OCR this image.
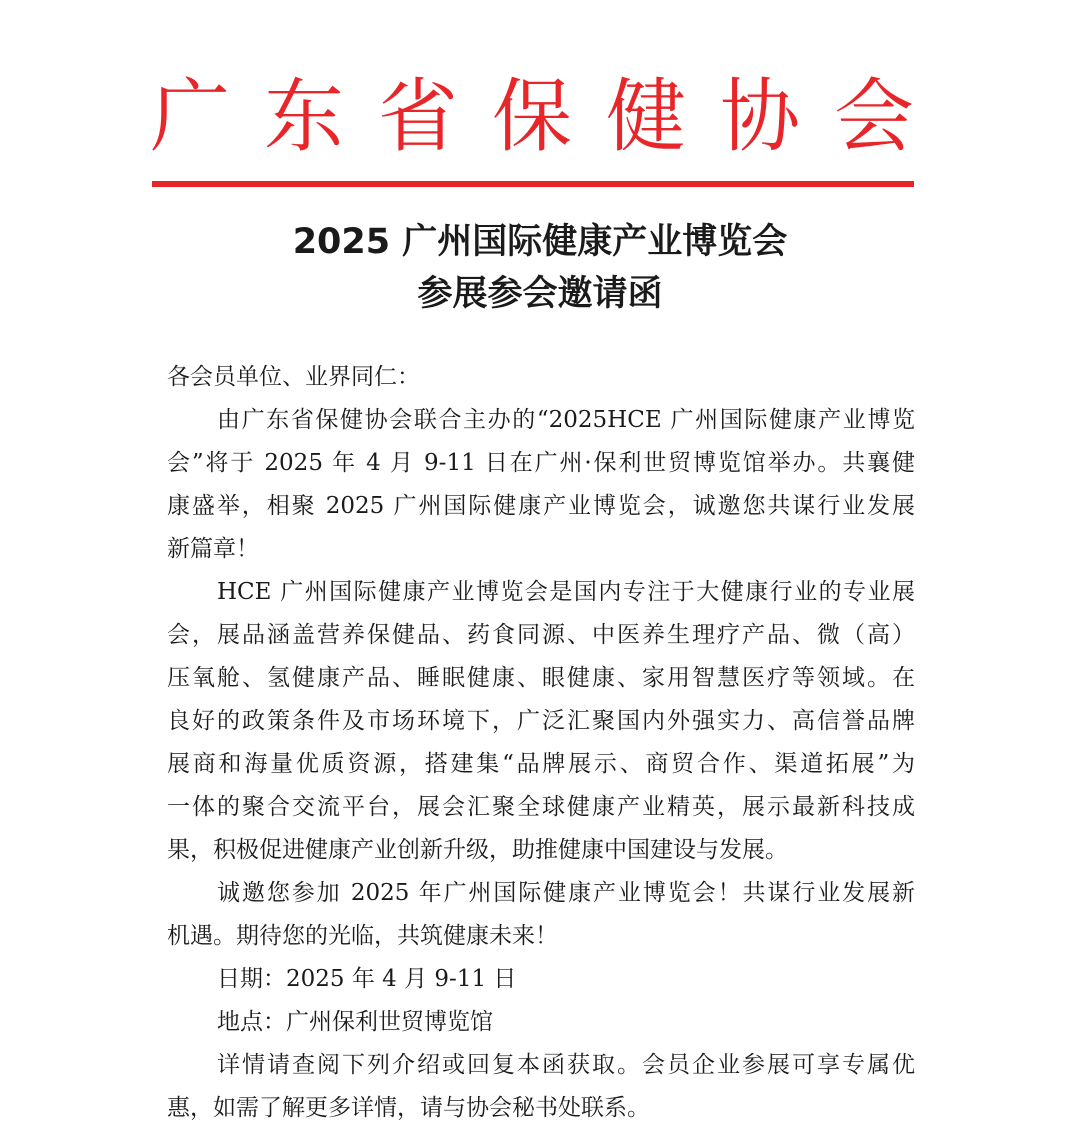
广 东 省 保 健 协 会
2025 广州国际健康产业博览会
参展参会邀请函
各会员单位、业界同仁：
由广东省保健协会联合主办的“2025HCE 广州国际健康产业博览
会”将于 2025 年 4 月 9-11 日在广州·保利世贸博览馆举办。共襄健
康盛举，相聚 2025 广州国际健康产业博览会，诚邀您共谋行业发展
新篇章！
HCE 广州国际健康产业博览会是国内专注于大健康行业的专业展
会，展品涵盖营养保健品、药食同源、中医养生理疗产品、微（高）
压氧舱、氢健康产品、睡眠健康、眼健康、家用智慧医疗等领域。在
良好的政策条件及市场环境下，广泛汇聚国内外强实力、高信誉品牌
展商和海量优质资源，搭建集“品牌展示、商贸合作、渠道拓展”为
一体的聚合交流平台，展会汇聚全球健康产业精英，展示最新科技成
果，积极促进健康产业创新升级，助推健康中国建设与发展。
诚邀您参加 2025 年广州国际健康产业博览会！共谋行业发展新
机遇。期待您的光临，共筑健康未来！
日期：2025 年 4 月 9-11 日
地点：广州保利世贸博览馆
详情请查阅下列介绍或回复本函获取。会员企业参展可享专属优
惠，如需了解更多详情，请与协会秘书处联系。
